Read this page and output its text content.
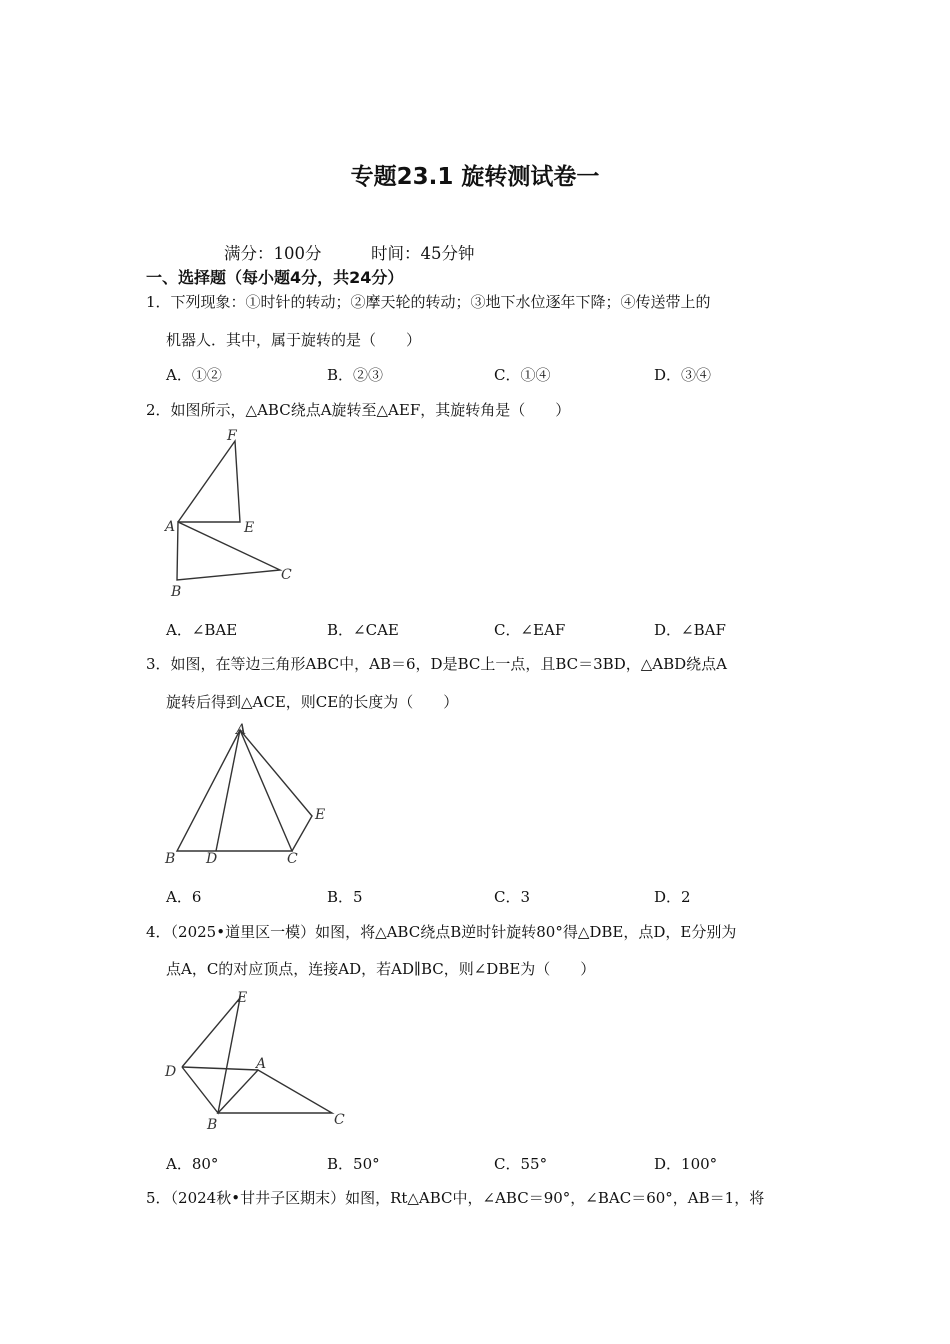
专题23.1 旋转测试卷一
满分：100分	时间：45分钟
一、选择题（每小题4分，共24分）
1．下列现象：①时针的转动；②摩天轮的转动；③地下水位逐年下降；④传送带上的
机器人．其中，属于旋转的是（　　）
A．①②	B．②③	C．①④	D．③④
2．如图所示，△ABC绕点A旋转至△AEF，其旋转角是（　　）
F
A	E
B
C
A．∠BAE	B．∠CAE	C．∠EAF	D．∠BAF
3．如图，在等边三角形ABC中，AB＝6，D是BC上一点，且BC＝3BD，△ABD绕点A
旋转后得到△ACE，则CE的长度为（　　）
A
B D	C
E
A．6	B．5	C．3	D．2
4．（2025•道里区一模）如图，将△ABC绕点B逆时针旋转80°得△DBE，点D，E分别为
点A，C的对应顶点，连接AD，若AD∥BC，则∠DBE为（　　）
E
D	A
B	C
A．80°	B．50°	C．55°	D．100°
5．（2024秋•甘井子区期末）如图，Rt△ABC中，∠ABC＝90°，∠BAC＝60°，AB＝1，将
